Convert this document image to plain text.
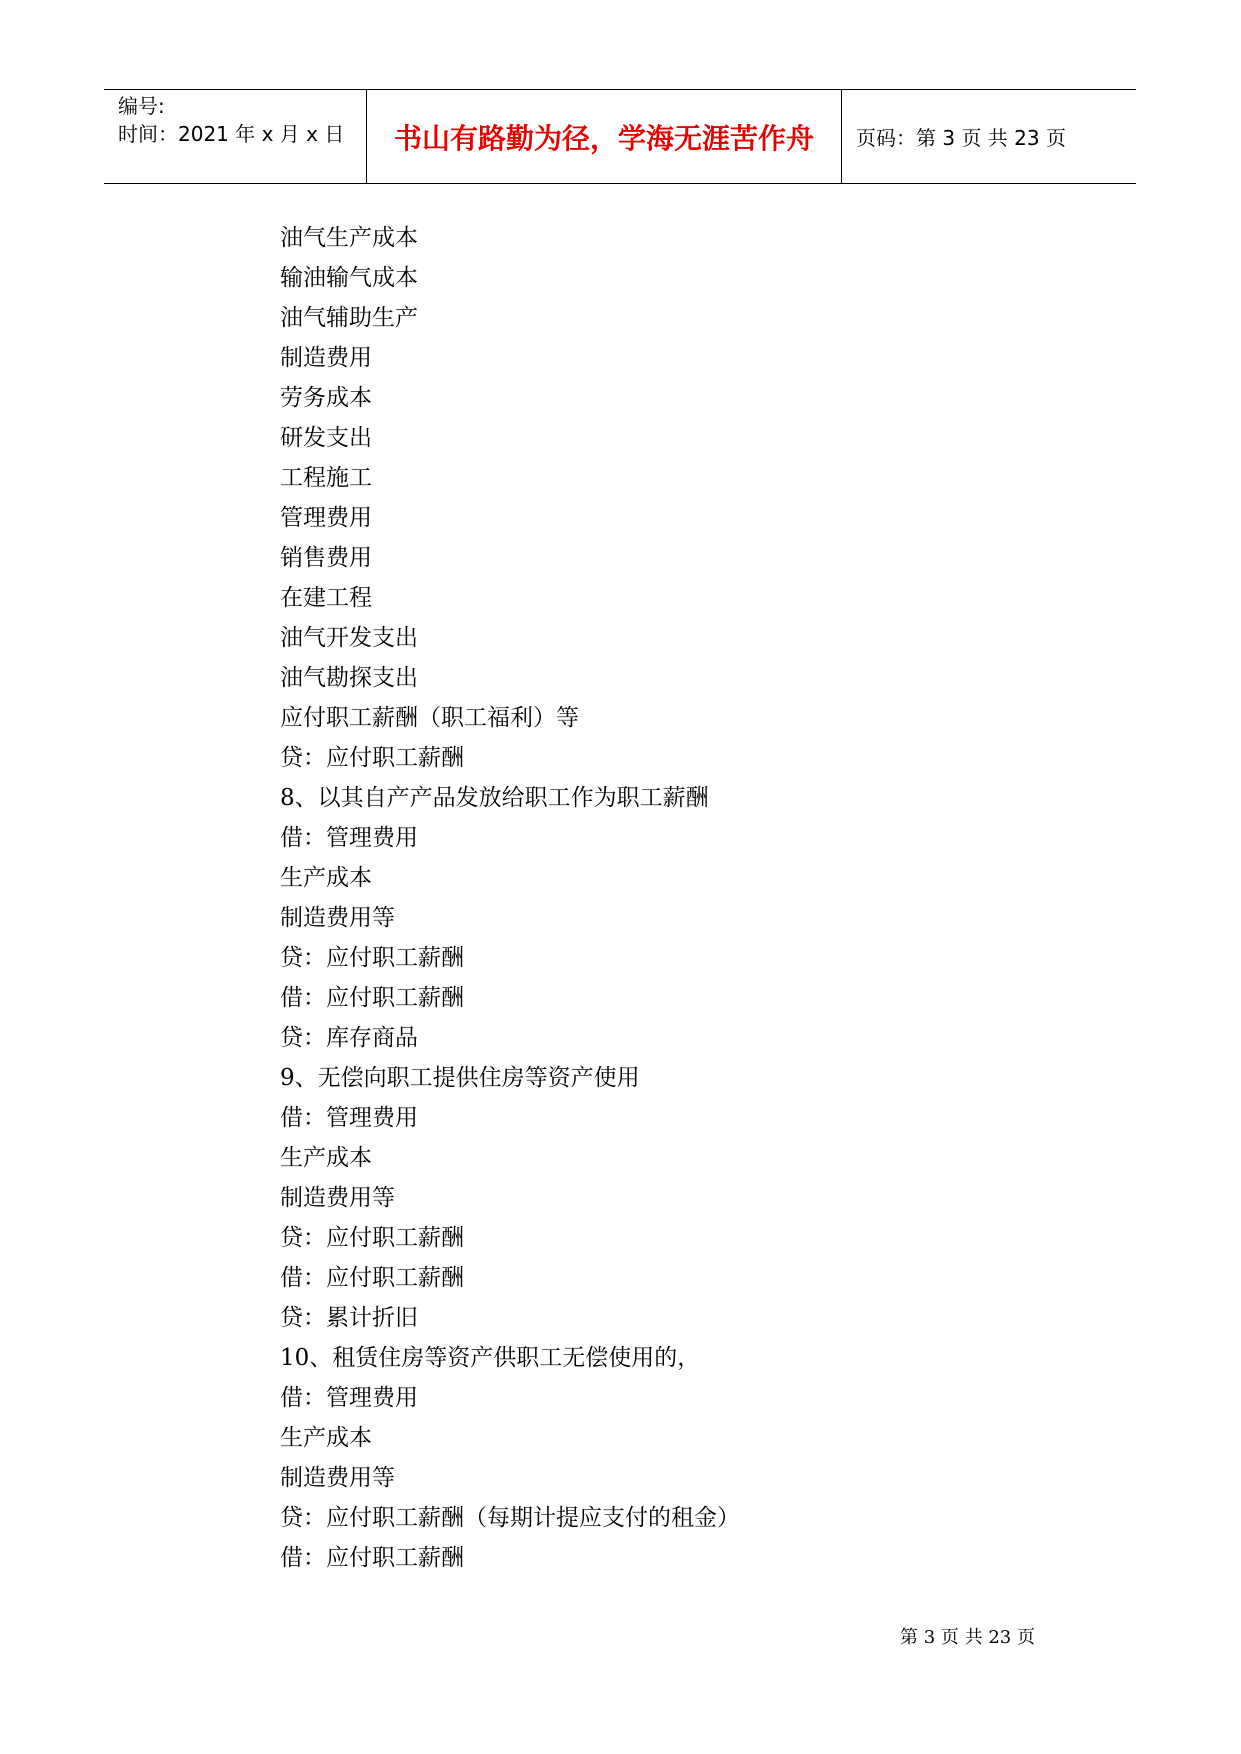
编号:
时间：2021 年 x 月 x 日	书山有路勤为径，学海无涯苦作舟	页码：第 3 页 共 23 页
油气生产成本
输油输气成本
油气辅助生产
制造费用
劳务成本
研发支出
工程施工
管理费用
销售费用
在建工程
油气开发支出
油气勘探支出
应付职工薪酬（职工福利）等
贷：应付职工薪酬
8、以其自产产品发放给职工作为职工薪酬
借：管理费用
生产成本
制造费用等
贷：应付职工薪酬
借：应付职工薪酬
贷：库存商品
9、无偿向职工提供住房等资产使用
借：管理费用
生产成本
制造费用等
贷：应付职工薪酬
借：应付职工薪酬
贷：累计折旧
10、租赁住房等资产供职工无偿使用的，
借：管理费用
生产成本
制造费用等
贷：应付职工薪酬（每期计提应支付的租金）
借：应付职工薪酬
第 3 页 共 23 页
